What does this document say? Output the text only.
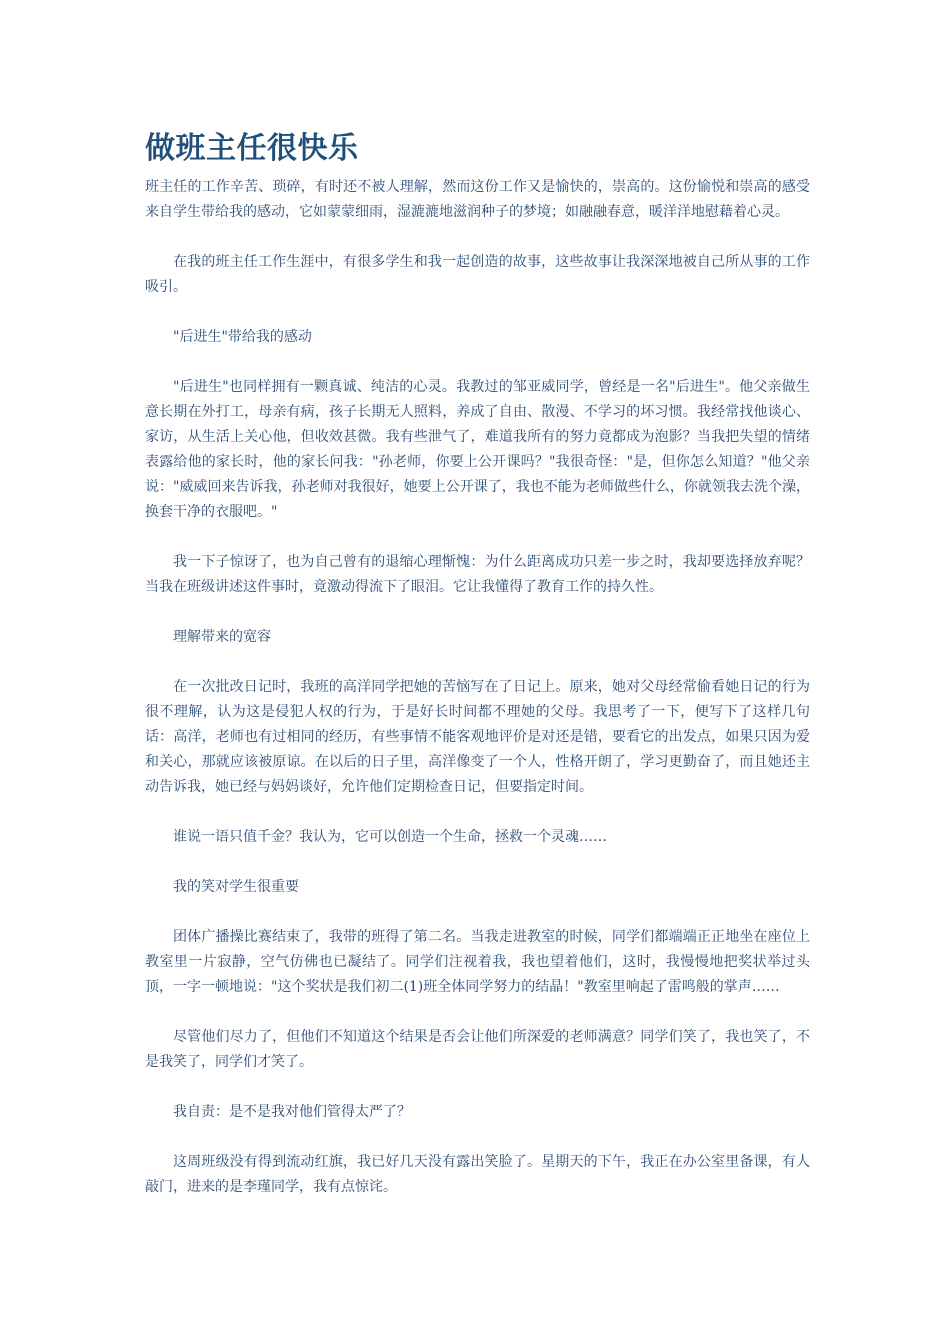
做班主任很快乐

班主任的工作辛苦、琐碎，有时还不被人理解，然而这份工作又是愉快的，崇高的。这份愉悦和崇高的感受来自学生带给我的感动，它如蒙蒙细雨，湿漉漉地滋润种子的梦境；如融融春意，暖洋洋地慰藉着心灵。

在我的班主任工作生涯中，有很多学生和我一起创造的故事，这些故事让我深深地被自己所从事的工作吸引。

"后进生"带给我的感动

"后进生"也同样拥有一颗真诚、纯洁的心灵。我教过的邹亚威同学，曾经是一名"后进生"。他父亲做生意长期在外打工，母亲有病，孩子长期无人照料，养成了自由、散漫、不学习的坏习惯。我经常找他谈心、家访，从生活上关心他，但收效甚微。我有些泄气了，难道我所有的努力竟都成为泡影？当我把失望的情绪表露给他的家长时，他的家长问我："孙老师，你要上公开课吗？"我很奇怪："是，但你怎么知道？"他父亲说："威威回来告诉我，孙老师对我很好，她要上公开课了，我也不能为老师做些什么，你就领我去洗个澡，换套干净的衣服吧。"

我一下子惊讶了，也为自己曾有的退缩心理惭愧：为什么距离成功只差一步之时，我却要选择放弃呢？当我在班级讲述这件事时，竟激动得流下了眼泪。它让我懂得了教育工作的持久性。

理解带来的宽容

在一次批改日记时，我班的高洋同学把她的苦恼写在了日记上。原来，她对父母经常偷看她日记的行为很不理解，认为这是侵犯人权的行为，于是好长时间都不理她的父母。我思考了一下，便写下了这样几句话：高洋，老师也有过相同的经历，有些事情不能客观地评价是对还是错，要看它的出发点，如果只因为爱和关心，那就应该被原谅。在以后的日子里，高洋像变了一个人，性格开朗了，学习更勤奋了，而且她还主动告诉我，她已经与妈妈谈好，允许他们定期检查日记，但要指定时间。

谁说一语只值千金？我认为，它可以创造一个生命，拯救一个灵魂……

我的笑对学生很重要

团体广播操比赛结束了，我带的班得了第二名。当我走进教室的时候，同学们都端端正正地坐在座位上教室里一片寂静，空气仿佛也已凝结了。同学们注视着我，我也望着他们，这时，我慢慢地把奖状举过头顶，一字一顿地说："这个奖状是我们初二(1)班全体同学努力的结晶！"教室里响起了雷鸣般的掌声……

尽管他们尽力了，但他们不知道这个结果是否会让他们所深爱的老师满意？同学们笑了，我也笑了，不是我笑了，同学们才笑了。

我自责：是不是我对他们管得太严了？

这周班级没有得到流动红旗，我已好几天没有露出笑脸了。星期天的下午，我正在办公室里备课，有人敲门，进来的是李瑾同学，我有点惊诧。
